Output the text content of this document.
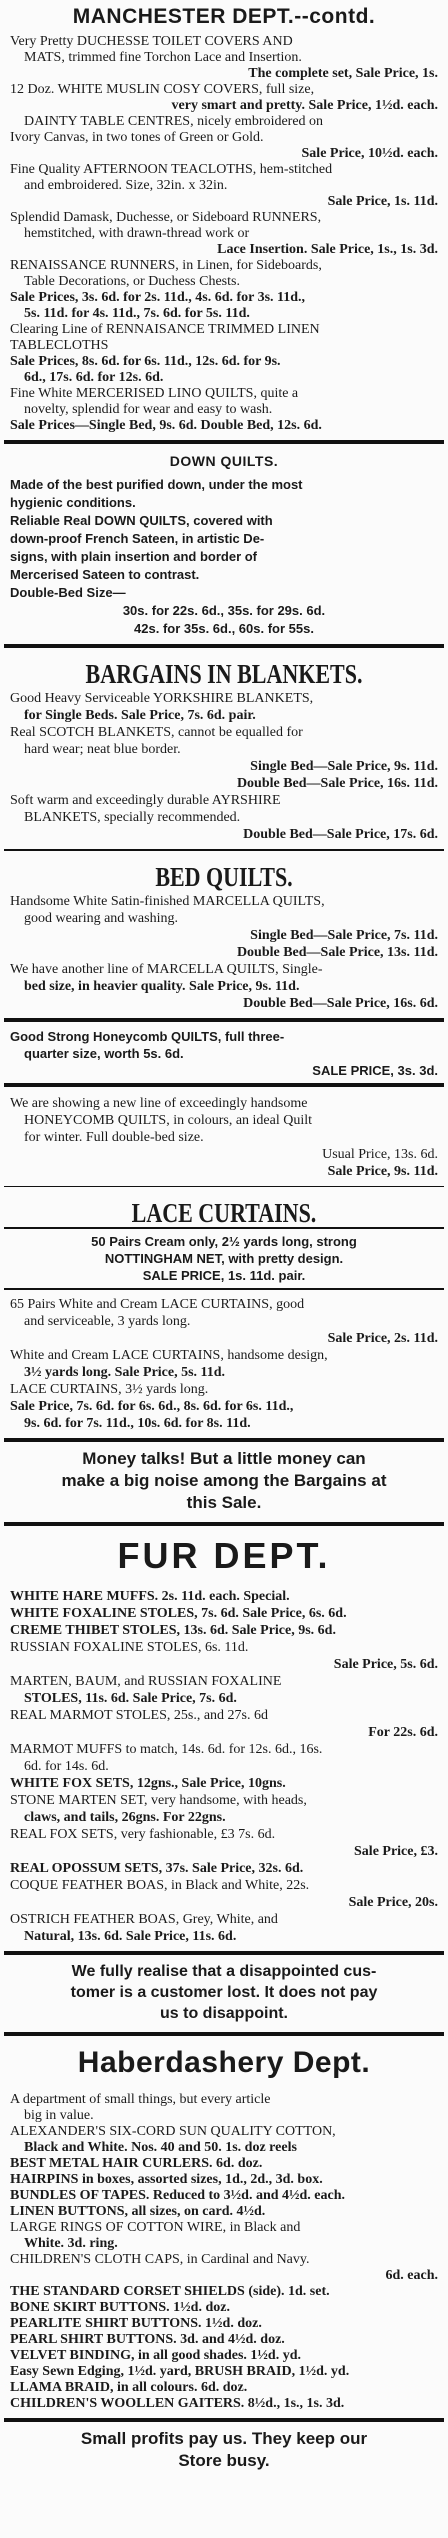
MANCHESTER DEPT.--contd.
Very Pretty DUCHESSE TOILET COVERS AND
MATS, trimmed fine Torchon Lace and Insertion.
The complete set, Sale Price, 1s.
12 Doz. WHITE MUSLIN COSY COVERS, full size,
very smart and pretty. Sale Price, 1½d. each.
DAINTY TABLE CENTRES, nicely embroidered on
Ivory Canvas, in two tones of Green or Gold.
Sale Price, 10½d. each.
Fine Quality AFTERNOON TEACLOTHS, hem-stitched
and embroidered. Size, 32in. x 32in.
Sale Price, 1s. 11d.
Splendid Damask, Duchesse, or Sideboard RUNNERS,
hemstitched, with drawn-thread work or
Lace Insertion. Sale Price, 1s., 1s. 3d.
RENAISSANCE RUNNERS, in Linen, for Sideboards,
Table Decorations, or Duchess Chests.
Sale Prices, 3s. 6d. for 2s. 11d., 4s. 6d. for 3s. 11d.,
5s. 11d. for 4s. 11d., 7s. 6d. for 5s. 11d.
Clearing Line of RENNAISANCE TRIMMED LINEN
TABLECLOTHS
Sale Prices, 8s. 6d. for 6s. 11d., 12s. 6d. for 9s.
6d., 17s. 6d. for 12s. 6d.
Fine White MERCERISED LINO QUILTS, quite a
novelty, splendid for wear and easy to wash.
Sale Prices—Single Bed, 9s. 6d. Double Bed, 12s. 6d.
DOWN QUILTS.
Made of the best purified down, under the most
hygienic conditions.
Reliable Real DOWN QUILTS, covered with
down-proof French Sateen, in artistic De-
signs, with plain insertion and border of
Mercerised Sateen to contrast.
Double-Bed Size—
30s. for 22s. 6d., 35s. for 29s. 6d.
42s. for 35s. 6d., 60s. for 55s.
BARGAINS IN BLANKETS.
Good Heavy Serviceable YORKSHIRE BLANKETS,
for Single Beds. Sale Price, 7s. 6d. pair.
Real SCOTCH BLANKETS, cannot be equalled for
hard wear; neat blue border.
Single Bed—Sale Price, 9s. 11d.
Double Bed—Sale Price, 16s. 11d.
Soft warm and exceedingly durable AYRSHIRE
BLANKETS, specially recommended.
Double Bed—Sale Price, 17s. 6d.
BED QUILTS.
Handsome White Satin-finished MARCELLA QUILTS,
good wearing and washing.
Single Bed—Sale Price, 7s. 11d.
Double Bed—Sale Price, 13s. 11d.
We have another line of MARCELLA QUILTS, Single-
bed size, in heavier quality. Sale Price, 9s. 11d.
Double Bed—Sale Price, 16s. 6d.
Good Strong Honeycomb QUILTS, full three-
quarter size, worth 5s. 6d.
SALE PRICE, 3s. 3d.
We are showing a new line of exceedingly handsome
HONEYCOMB QUILTS, in colours, an ideal Quilt
for winter. Full double-bed size.
Usual Price, 13s. 6d.
Sale Price, 9s. 11d.
LACE CURTAINS.
50 Pairs Cream only, 2½ yards long, strong
NOTTINGHAM NET, with pretty design.
SALE PRICE, 1s. 11d. pair.
65 Pairs White and Cream LACE CURTAINS, good
and serviceable, 3 yards long.
Sale Price, 2s. 11d.
White and Cream LACE CURTAINS, handsome design,
3½ yards long. Sale Price, 5s. 11d.
LACE CURTAINS, 3½ yards long.
Sale Price, 7s. 6d. for 6s. 6d., 8s. 6d. for 6s. 11d.,
9s. 6d. for 7s. 11d., 10s. 6d. for 8s. 11d.
Money talks! But a little money can
make a big noise among the Bargains at
this Sale.
FUR DEPT.
WHITE HARE MUFFS. 2s. 11d. each. Special.
WHITE FOXALINE STOLES, 7s. 6d. Sale Price, 6s. 6d.
CREME THIBET STOLES, 13s. 6d. Sale Price, 9s. 6d.
RUSSIAN FOXALINE STOLES, 6s. 11d.
Sale Price, 5s. 6d.
MARTEN, BAUM, and RUSSIAN FOXALINE
STOLES, 11s. 6d. Sale Price, 7s. 6d.
REAL MARMOT STOLES, 25s., and 27s. 6d
For 22s. 6d.
MARMOT MUFFS to match, 14s. 6d. for 12s. 6d., 16s.
6d. for 14s. 6d.
WHITE FOX SETS, 12gns., Sale Price, 10gns.
STONE MARTEN SET, very handsome, with heads,
claws, and tails, 26gns. For 22gns.
REAL FOX SETS, very fashionable, £3 7s. 6d.
Sale Price, £3.
REAL OPOSSUM SETS, 37s. Sale Price, 32s. 6d.
COQUE FEATHER BOAS, in Black and White, 22s.
Sale Price, 20s.
OSTRICH FEATHER BOAS, Grey, White, and
Natural, 13s. 6d. Sale Price, 11s. 6d.
We fully realise that a disappointed cus-
tomer is a customer lost. It does not pay
us to disappoint.
Haberdashery Dept.
A department of small things, but every article
big in value.
ALEXANDER'S SIX-CORD SUN QUALITY COTTON,
Black and White. Nos. 40 and 50. 1s. doz reels
BEST METAL HAIR CURLERS. 6d. doz.
HAIRPINS in boxes, assorted sizes, 1d., 2d., 3d. box.
BUNDLES OF TAPES. Reduced to 3½d. and 4½d. each.
LINEN BUTTONS, all sizes, on card. 4½d.
LARGE RINGS OF COTTON WIRE, in Black and
White. 3d. ring.
CHILDREN'S CLOTH CAPS, in Cardinal and Navy.
6d. each.
THE STANDARD CORSET SHIELDS (side). 1d. set.
BONE SKIRT BUTTONS. 1½d. doz.
PEARLITE SHIRT BUTTONS. 1½d. doz.
PEARL SHIRT BUTTONS. 3d. and 4½d. doz.
VELVET BINDING, in all good shades. 1½d. yd.
Easy Sewn Edging, 1½d. yard, BRUSH BRAID, 1½d. yd.
LLAMA BRAID, in all colours. 6d. doz.
CHILDREN'S WOOLLEN GAITERS. 8½d., 1s., 1s. 3d.
Small profits pay us. They keep our
Store busy.
